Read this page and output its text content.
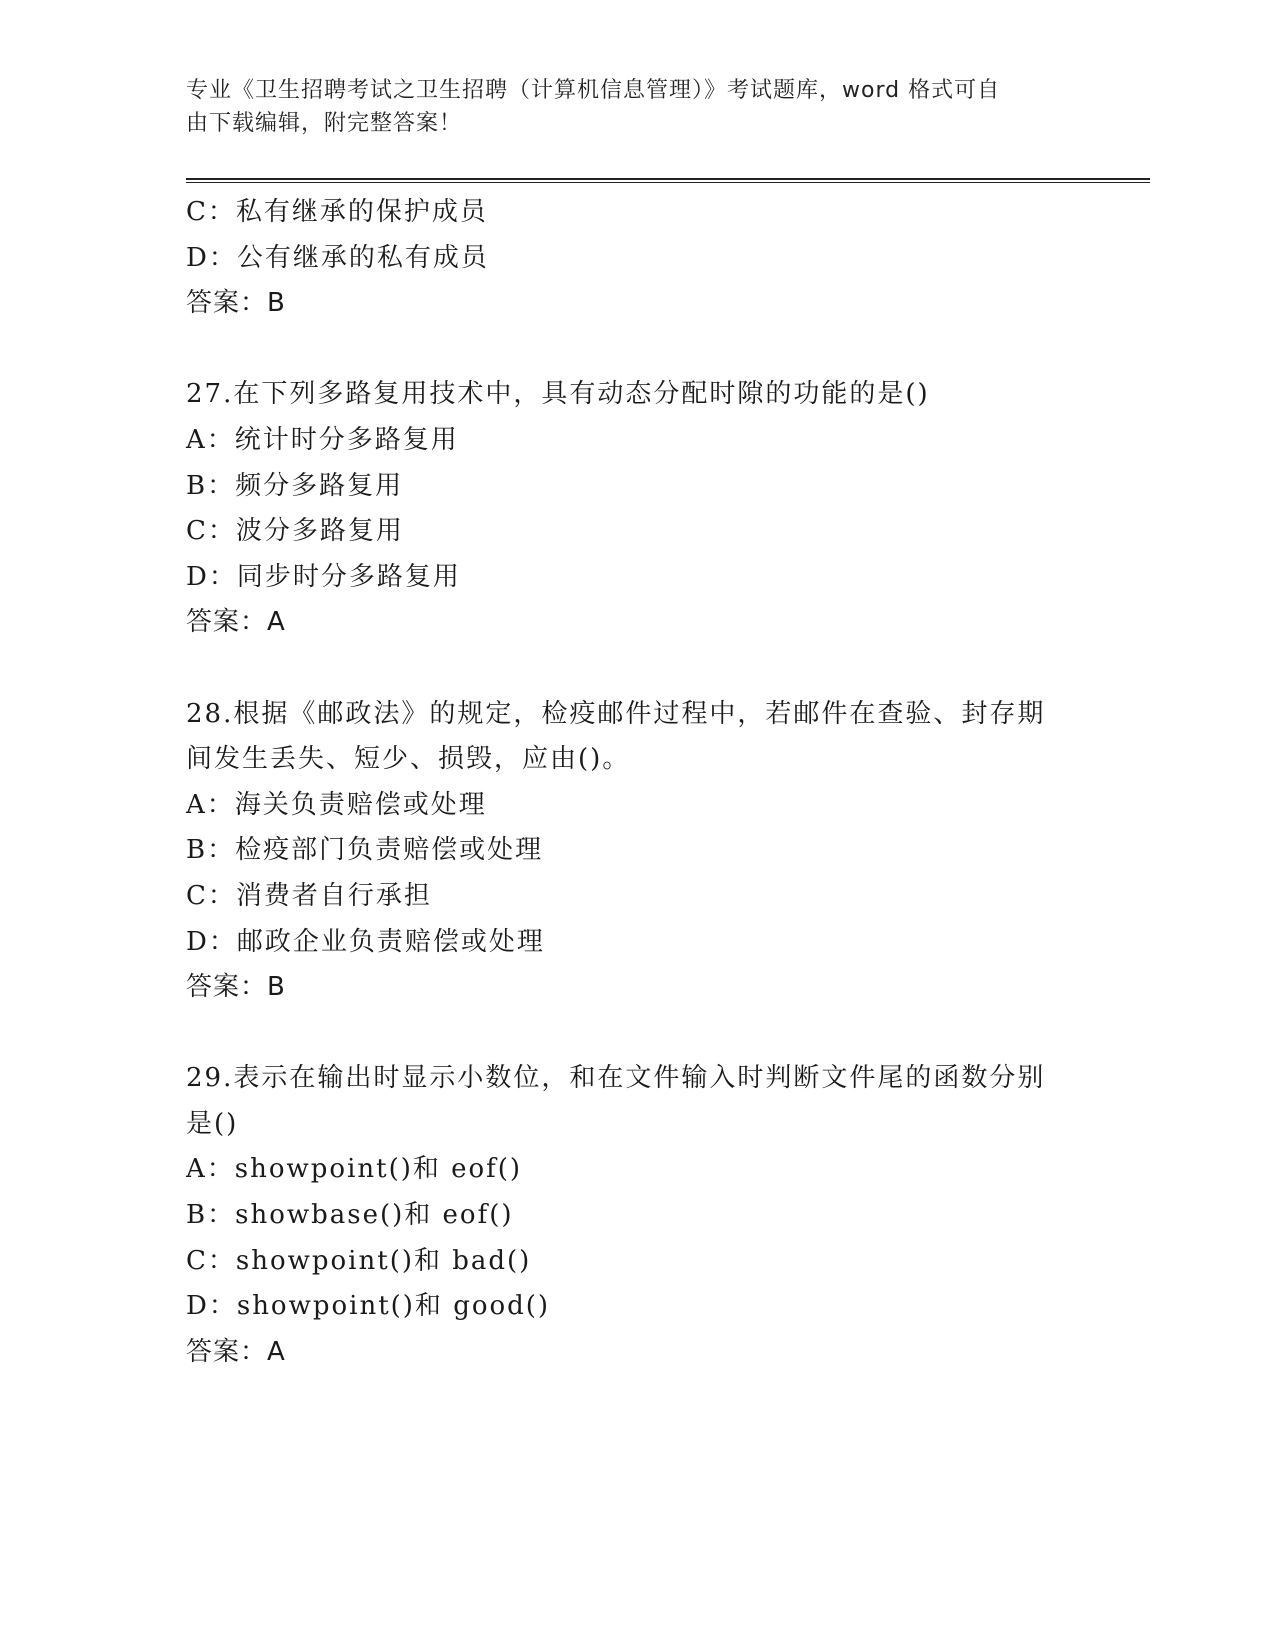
专业《卫生招聘考试之卫生招聘（计算机信息管理）》考试题库，word 格式可自
由下载编辑，附完整答案！
C：私有继承的保护成员
D：公有继承的私有成员
答案：B
27.在下列多路复用技术中，具有动态分配时隙的功能的是()
A：统计时分多路复用
B：频分多路复用
C：波分多路复用
D：同步时分多路复用
答案：A
28.根据《邮政法》的规定，检疫邮件过程中，若邮件在查验、封存期
间发生丢失、短少、损毁，应由()。
A：海关负责赔偿或处理
B：检疫部门负责赔偿或处理
C：消费者自行承担
D：邮政企业负责赔偿或处理
答案：B
29.表示在输出时显示小数位，和在文件输入时判断文件尾的函数分别
是()
A：showpoint()和 eof()
B：showbase()和 eof()
C：showpoint()和 bad()
D：showpoint()和 good()
答案：A
